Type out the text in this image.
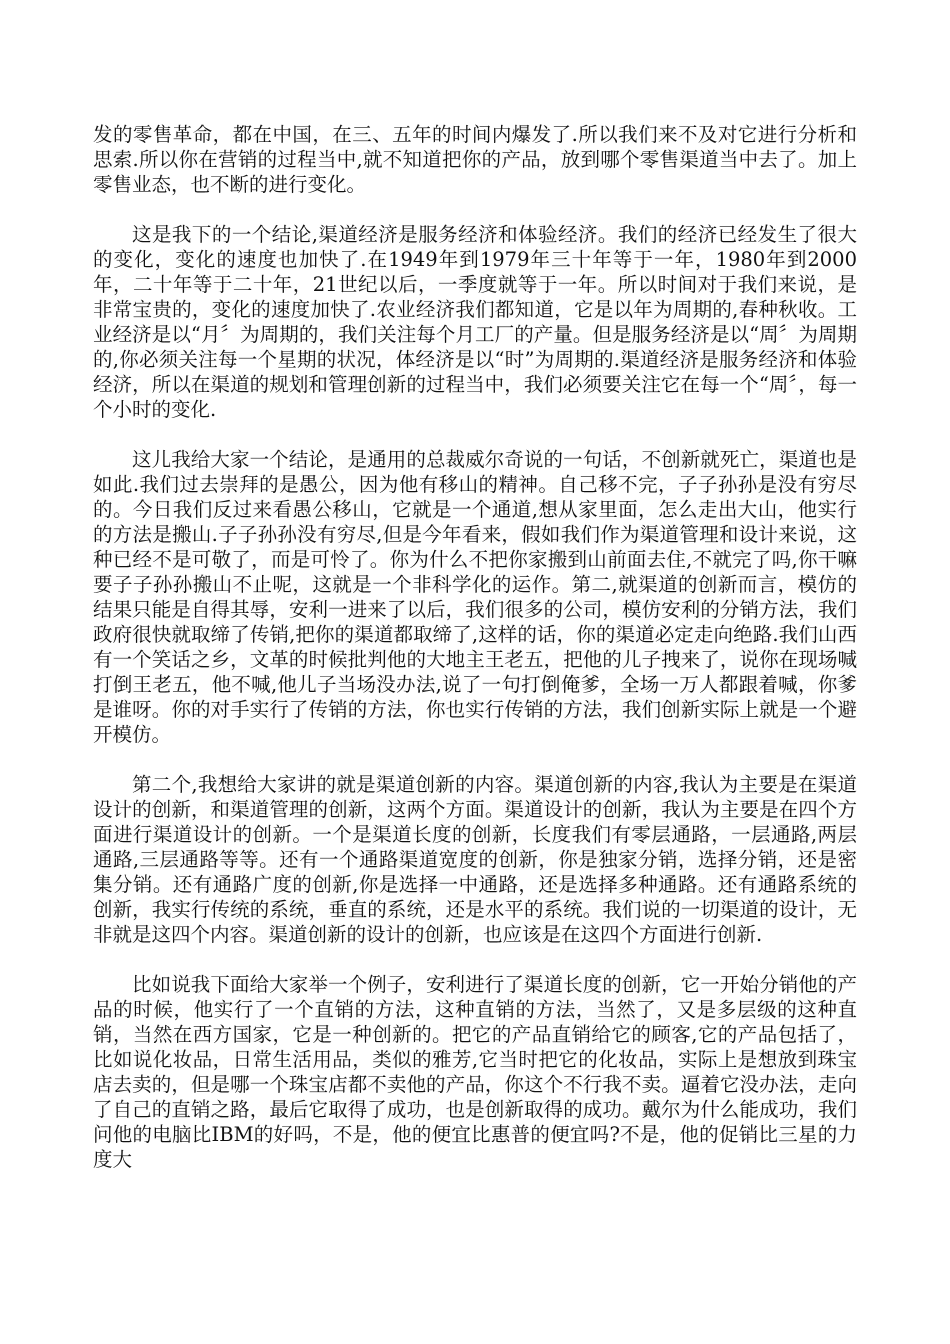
发的零售革命，都在中国，在三、五年的时间内爆发了.所以我们来不及对它进行分析和思索.所以你在营销的过程当中,就不知道把你的产品，放到哪个零售渠道当中去了。加上零售业态，也不断的进行变化。

这是我下的一个结论,渠道经济是服务经济和体验经济。我们的经济已经发生了很大的变化，变化的速度也加快了.在1949年到1979年三十年等于一年，1980年到2000年，二十年等于二十年，21世纪以后，一季度就等于一年。所以时间对于我们来说，是非常宝贵的，变化的速度加快了.农业经济我们都知道，它是以年为周期的,春种秋收。工业经济是以“月〞为周期的，我们关注每个月工厂的产量。但是服务经济是以“周〞为周期的,你必须关注每一个星期的状况，体经济是以“时”为周期的.渠道经济是服务经济和体验经济，所以在渠道的规划和管理创新的过程当中，我们必须要关注它在每一个“周〞，每一个小时的变化.

这儿我给大家一个结论，是通用的总裁威尔奇说的一句话，不创新就死亡，渠道也是如此.我们过去崇拜的是愚公，因为他有移山的精神。自己移不完，子子孙孙是没有穷尽的。今日我们反过来看愚公移山，它就是一个通道,想从家里面，怎么走出大山，他实行的方法是搬山.子子孙孙没有穷尽,但是今年看来，假如我们作为渠道管理和设计来说，这种已经不是可敬了，而是可怜了。你为什么不把你家搬到山前面去住,不就完了吗,你干嘛要子子孙孙搬山不止呢，这就是一个非科学化的运作。第二,就渠道的创新而言，模仿的结果只能是自得其辱，安利一进来了以后，我们很多的公司，模仿安利的分销方法，我们政府很快就取缔了传销,把你的渠道都取缔了,这样的话，你的渠道必定走向绝路.我们山西有一个笑话之乡，文革的时候批判他的大地主王老五，把他的儿子拽来了，说你在现场喊打倒王老五，他不喊,他儿子当场没办法,说了一句打倒俺爹，全场一万人都跟着喊，你爹是谁呀。你的对手实行了传销的方法，你也实行传销的方法，我们创新实际上就是一个避开模仿。

第二个,我想给大家讲的就是渠道创新的内容。渠道创新的内容,我认为主要是在渠道设计的创新，和渠道管理的创新，这两个方面。渠道设计的创新，我认为主要是在四个方面进行渠道设计的创新。一个是渠道长度的创新，长度我们有零层通路，一层通路,两层通路,三层通路等等。还有一个通路渠道宽度的创新，你是独家分销，选择分销，还是密集分销。还有通路广度的创新,你是选择一中通路，还是选择多种通路。还有通路系统的创新，我实行传统的系统，垂直的系统，还是水平的系统。我们说的一切渠道的设计，无非就是这四个内容。渠道创新的设计的创新，也应该是在这四个方面进行创新.

比如说我下面给大家举一个例子，安利进行了渠道长度的创新，它一开始分销他的产品的时候，他实行了一个直销的方法，这种直销的方法，当然了，又是多层级的这种直销，当然在西方国家，它是一种创新的。把它的产品直销给它的顾客,它的产品包括了，比如说化妆品，日常生活用品，类似的雅芳,它当时把它的化妆品，实际上是想放到珠宝店去卖的，但是哪一个珠宝店都不卖他的产品，你这个不行我不卖。逼着它没办法，走向了自己的直销之路，最后它取得了成功，也是创新取得的成功。戴尔为什么能成功，我们问他的电脑比IBM的好吗，不是，他的便宜比惠普的便宜吗?不是，他的促销比三星的力度大
